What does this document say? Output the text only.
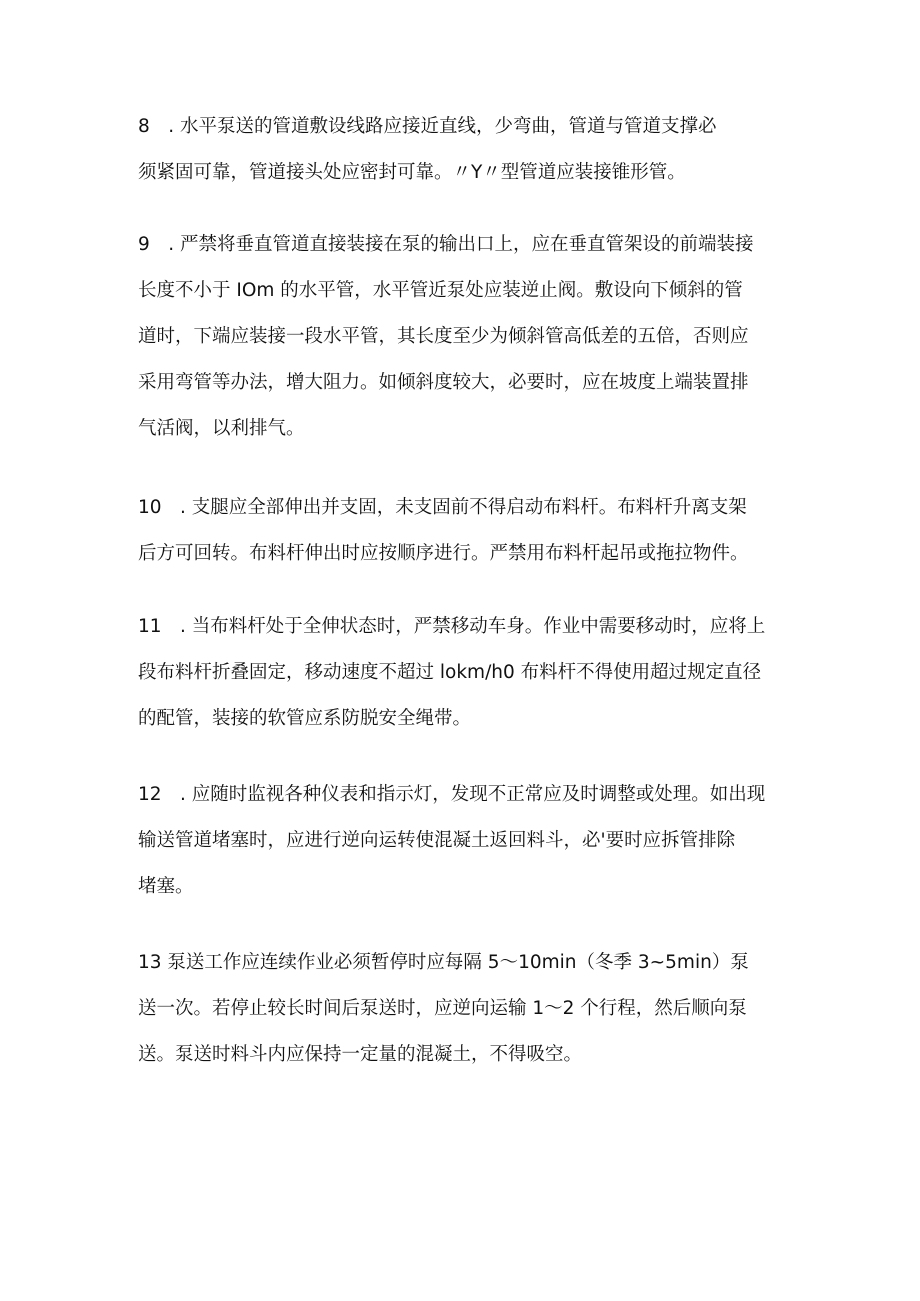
8　. 水平泵送的管道敷设线路应接近直线，少弯曲，管道与管道支撑必
须紧固可靠，管道接头处应密封可靠。〃Y〃型管道应装接锥形管。
9　. 严禁将垂直管道直接装接在泵的输出口上，应在垂直管架设的前端装接
长度不小于 IOm 的水平管，水平管近泵处应装逆止阀。敷设向下倾斜的管
道时，下端应装接一段水平管，其长度至少为倾斜管高低差的五倍，否则应
采用弯管等办法，增大阻力。如倾斜度较大，必要时，应在坡度上端装置排
气活阀，以利排气。
10　. 支腿应全部伸出并支固，未支固前不得启动布料杆。布料杆升离支架
后方可回转。布料杆伸出时应按顺序进行。严禁用布料杆起吊或拖拉物件。
11　. 当布料杆处于全伸状态时，严禁移动车身。作业中需要移动时，应将上
段布料杆折叠固定，移动速度不超过 lokm∕h0 布料杆不得使用超过规定直径
的配管，装接的软管应系防脱安全绳带。
12　. 应随时监视各种仪表和指示灯，发现不正常应及时调整或处理。如出现
输送管道堵塞时，应进行逆向运转使混凝土返回料斗，必'要时应拆管排除
堵塞。
13 泵送工作应连续作业必须暂停时应每隔 5～10min（冬季 3~5min）泵
送一次。若停止较长时间后泵送时，应逆向运输 1～2 个行程，然后顺向泵
送。泵送时料斗内应保持一定量的混凝土，不得吸空。
